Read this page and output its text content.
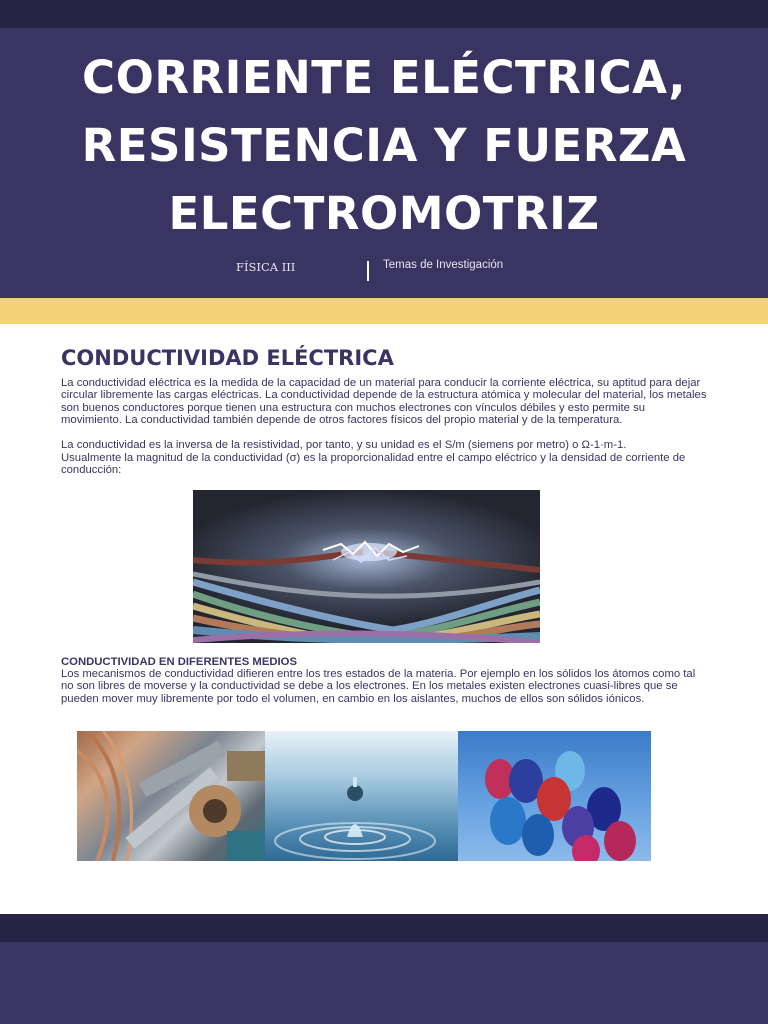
CORRIENTE ELÉCTRICA,
RESISTENCIA Y FUERZA
ELECTROMOTRIZ
FÍSICA III	Temas de Investigación
CONDUCTIVIDAD ELÉCTRICA

La conductividad eléctrica es la medida de la capacidad de un material para conducir la corriente eléctrica, su aptitud para dejar circular libremente las cargas eléctricas. La conductividad depende de la estructura atómica y molecular del material, los metales son buenos conductores porque tienen una estructura con muchos electrones con vínculos débiles y esto permite su movimiento. La conductividad también depende de otros factores físicos del propio material y de la temperatura.

La conductividad es la inversa de la resistividad, por tanto, y su unidad es el S/m (siemens por metro) o Ω-1·m-1.

Usualmente la magnitud de la conductividad (σ) es la proporcionalidad entre el campo eléctrico y la densidad de corriente de conducción:

CONDUCTIVIDAD EN DIFERENTES MEDIOS

Los mecanismos de conductividad difieren entre los tres estados de la materia. Por ejemplo en los sólidos los átomos como tal no son libres de moverse y la conductividad se debe a los electrones. En los metales existen electrones cuasi-libres que se pueden mover muy libremente por todo el volumen, en cambio en los aislantes, muchos de ellos son sólidos iónicos.
